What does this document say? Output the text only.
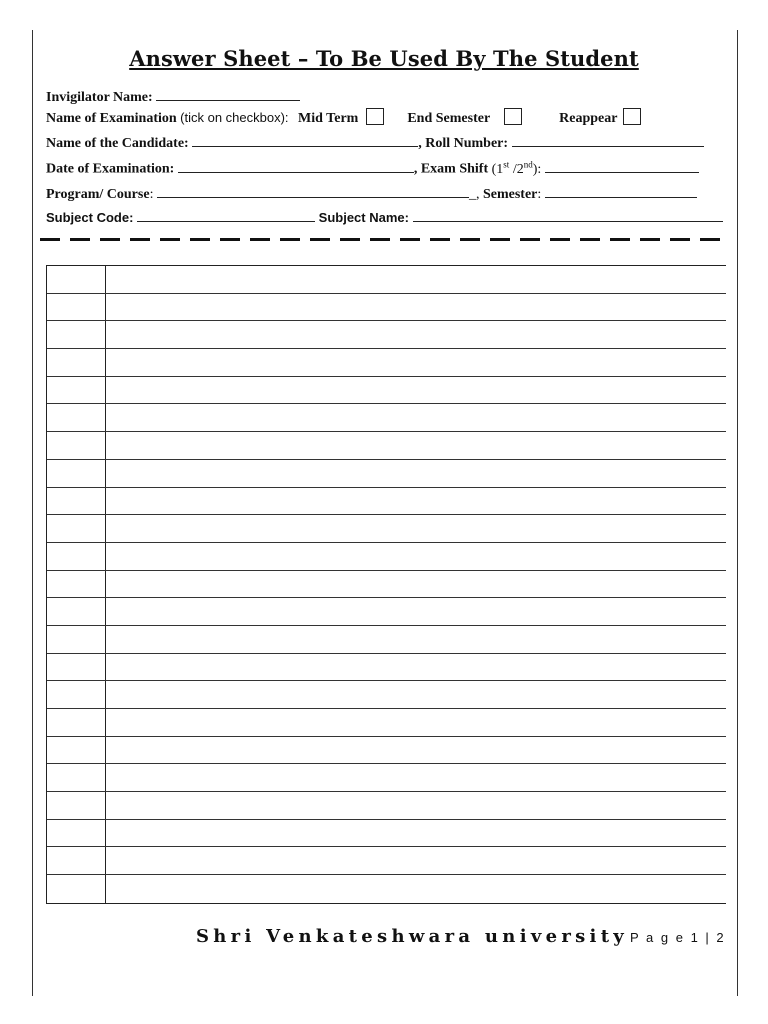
Answer Sheet – To Be Used By The Student
Invigilator Name:
Name of Examination (tick on checkbox): Mid Term	End Semester	Reappear
Name of the Candidate:	, Roll Number:
Date of Examination:	, Exam Shift (1st /2nd):
Program/ Course:	_, Semester:
Subject Code:	Subject Name:
Shri Venkateshwara university P a g e 1 | 2
